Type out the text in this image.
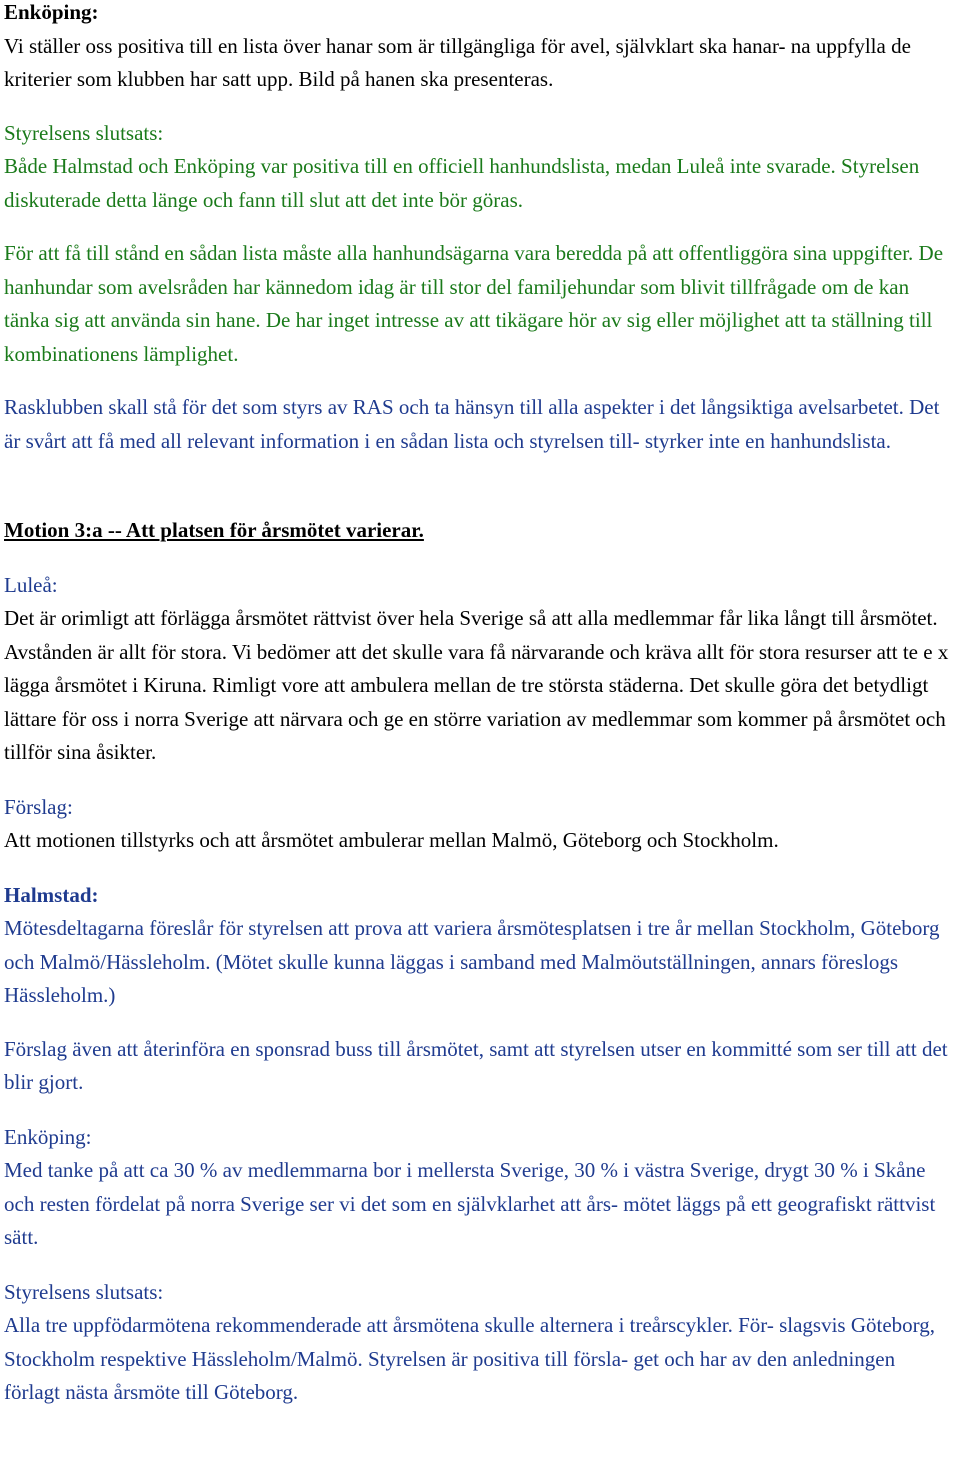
Enköping:

Vi ställer oss positiva till en lista över hanar som är tillgängliga för avel, självklart ska hanar- na uppfylla de kriterier som klubben har satt upp. Bild på hanen ska presenteras.

Styrelsens slutsats:

Både Halmstad och Enköping var positiva till en officiell hanhundslista, medan Luleå inte svarade. Styrelsen diskuterade detta länge och fann till slut att det inte bör göras.

För att få till stånd en sådan lista måste alla hanhundsägarna vara beredda på att offentliggöra sina uppgifter. De hanhundar som avelsråden har kännedom idag är till stor del familjehundar som blivit tillfrågade om de kan tänka sig att använda sin hane. De har inget intresse av att tikägare hör av sig eller möjlighet att ta ställning till kombinationens lämplighet.

Rasklubben skall stå för det som styrs av RAS och ta hänsyn till alla aspekter i det långsiktiga avelsarbetet. Det är svårt att få med all relevant information i en sådan lista och styrelsen till- styrker inte en hanhundslista.

Motion 3:a -- Att platsen för årsmötet varierar.

Luleå:

Det är orimligt att förlägga årsmötet rättvist över hela Sverige så att alla medlemmar får lika långt till årsmötet. Avstånden är allt för stora. Vi bedömer att det skulle vara få närvarande och kräva allt för stora resurser att te e x lägga årsmötet i Kiruna. Rimligt vore att ambulera mellan de tre största städerna. Det skulle göra det betydligt lättare för oss i norra Sverige att närvara och ge en större variation av medlemmar som kommer på årsmötet och tillför sina åsikter.

Förslag:

Att motionen tillstyrks och att årsmötet ambulerar mellan Malmö, Göteborg och Stockholm.

Halmstad:

Mötesdeltagarna föreslår för styrelsen att prova att variera årsmötesplatsen i tre år mellan Stockholm, Göteborg och Malmö/Hässleholm. (Mötet skulle kunna läggas i samband med Malmöutställningen, annars föreslogs Hässleholm.)

Förslag även att återinföra en sponsrad buss till årsmötet, samt att styrelsen utser en kommitté som ser till att det blir gjort.

Enköping:

Med tanke på att ca 30 % av medlemmarna bor i mellersta Sverige, 30 % i västra Sverige, drygt 30 % i Skåne och resten fördelat på norra Sverige ser vi det som en självklarhet att års- mötet läggs på ett geografiskt rättvist sätt.

Styrelsens slutsats:

Alla tre uppfödarmötena rekommenderade att årsmötena skulle alternera i treårscykler. För- slagsvis Göteborg, Stockholm respektive Hässleholm/Malmö. Styrelsen är positiva till försla- get och har av den anledningen förlagt nästa årsmöte till Göteborg.
